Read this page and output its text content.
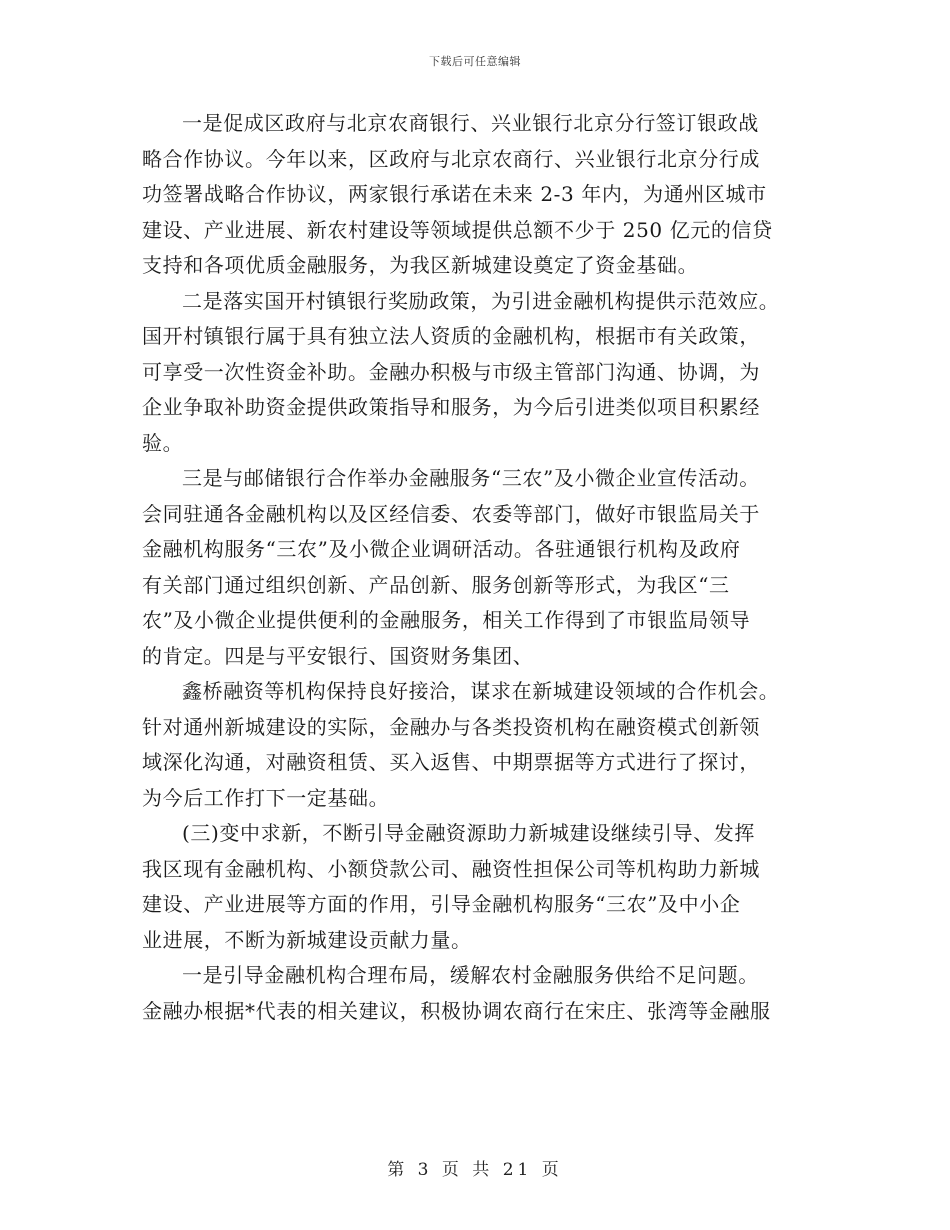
下载后可任意编辑

一是促成区政府与北京农商银行、兴业银行北京分行签订银政战
略合作协议。今年以来，区政府与北京农商行、兴业银行北京分行成
功签署战略合作协议，两家银行承诺在未来 2-3 年内，为通州区城市
建设、产业进展、新农村建设等领域提供总额不少于 250 亿元的信贷
支持和各项优质金融服务，为我区新城建设奠定了资金基础。

二是落实国开村镇银行奖励政策，为引进金融机构提供示范效应。
国开村镇银行属于具有独立法人资质的金融机构，根据市有关政策，
可享受一次性资金补助。金融办积极与市级主管部门沟通、协调，为
企业争取补助资金提供政策指导和服务，为今后引进类似项目积累经
验。

三是与邮储银行合作举办金融服务“三农”及小微企业宣传活动。
会同驻通各金融机构以及区经信委、农委等部门，做好市银监局关于
金融机构服务“三农”及小微企业调研活动。各驻通银行机构及政府
有关部门通过组织创新、产品创新、服务创新等形式，为我区“三
农”及小微企业提供便利的金融服务，相关工作得到了市银监局领导
的肯定。四是与平安银行、国资财务集团、

鑫桥融资等机构保持良好接洽，谋求在新城建设领域的合作机会。
针对通州新城建设的实际，金融办与各类投资机构在融资模式创新领
域深化沟通，对融资租赁、买入返售、中期票据等方式进行了探讨，
为今后工作打下一定基础。

(三)变中求新，不断引导金融资源助力新城建设继续引导、发挥
我区现有金融机构、小额贷款公司、融资性担保公司等机构助力新城
建设、产业进展等方面的作用，引导金融机构服务“三农”及中小企
业进展，不断为新城建设贡献力量。

一是引导金融机构合理布局，缓解农村金融服务供给不足问题。
金融办根据*代表的相关建议，积极协调农商行在宋庄、张湾等金融服

第 3 页 共 21 页
